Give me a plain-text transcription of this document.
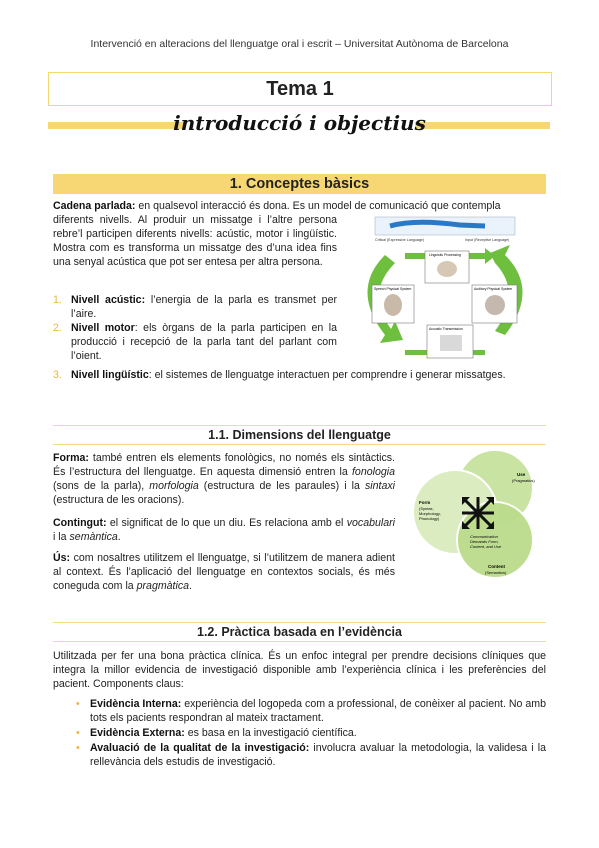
Intervenció en alteracions del llenguatge oral i escrit – Universitat Autònoma de Barcelona
Tema 1
introducció i objectius
1. Conceptes bàsics
Cadena parlada: en qualsevol interacció és dona. Es un model de comunicació que contempla
diferents nivells. Al produir un missatge i l’altre persona rebre’l participen diferents nivells: acústic, motor i lingüístic. Mostra com es transforma un missatge des d’una idea fins una senyal acústica que pot ser entesa per altra persona.
1. Nivell acústic: l’energia de la parla es transmet per l’aire.
2. Nivell motor: els òrgans de la parla participen en la producció i recepció de la parla tant del parlant com l’oient.
3. Nivell lingüístic: el sistemes de llenguatge interactuen per comprendre i generar missatges.
Critical (Expressive Language)	Input (Receptive Language)
Linguistic Processing
Speech Physical System	Auditory Physical System
Acoustic Transmission
1.1. Dimensions del llenguatge
Forma: també entren els elements fonològics, no només els sintàctics. És l’estructura del llenguatge. En aquesta dimensió entren la fonologia (sons de la parla), morfologia (estructura de les paraules) i la sintaxi (estructura de les oracions).
Contingut: el significat de lo que un diu. Es relaciona amb el vocabulari i la semàntica.
Ús: com nosaltres utilitzem el llenguatge, si l’utilitzem de manera adient al context. És l’aplicació del llenguatge en contextos socials, és més coneguda com la pragmàtica.
Use
(Pragmatics)
Form
(Syntax,
Morphology,
Phonology)
Communication
Demands Form,
Content, and Use
Content
(Semantics)
1.2. Pràctica basada en l’evidència
Utilitzada per fer una bona pràctica clínica. És un enfoc integral per prendre decisions clíniques que integra la millor evidencia de investigació disponible amb l’experiència clínica i les preferències del pacient. Components claus:
• Evidència Interna: experiència del logopeda com a professional, de conèixer al pacient. No amb tots els pacients respondran al mateix tractament.
• Evidència Externa: es basa en la investigació científica.
• Avaluació de la qualitat de la investigació: involucra avaluar la metodologia, la validesa i la rellevància dels estudis de investigació.
